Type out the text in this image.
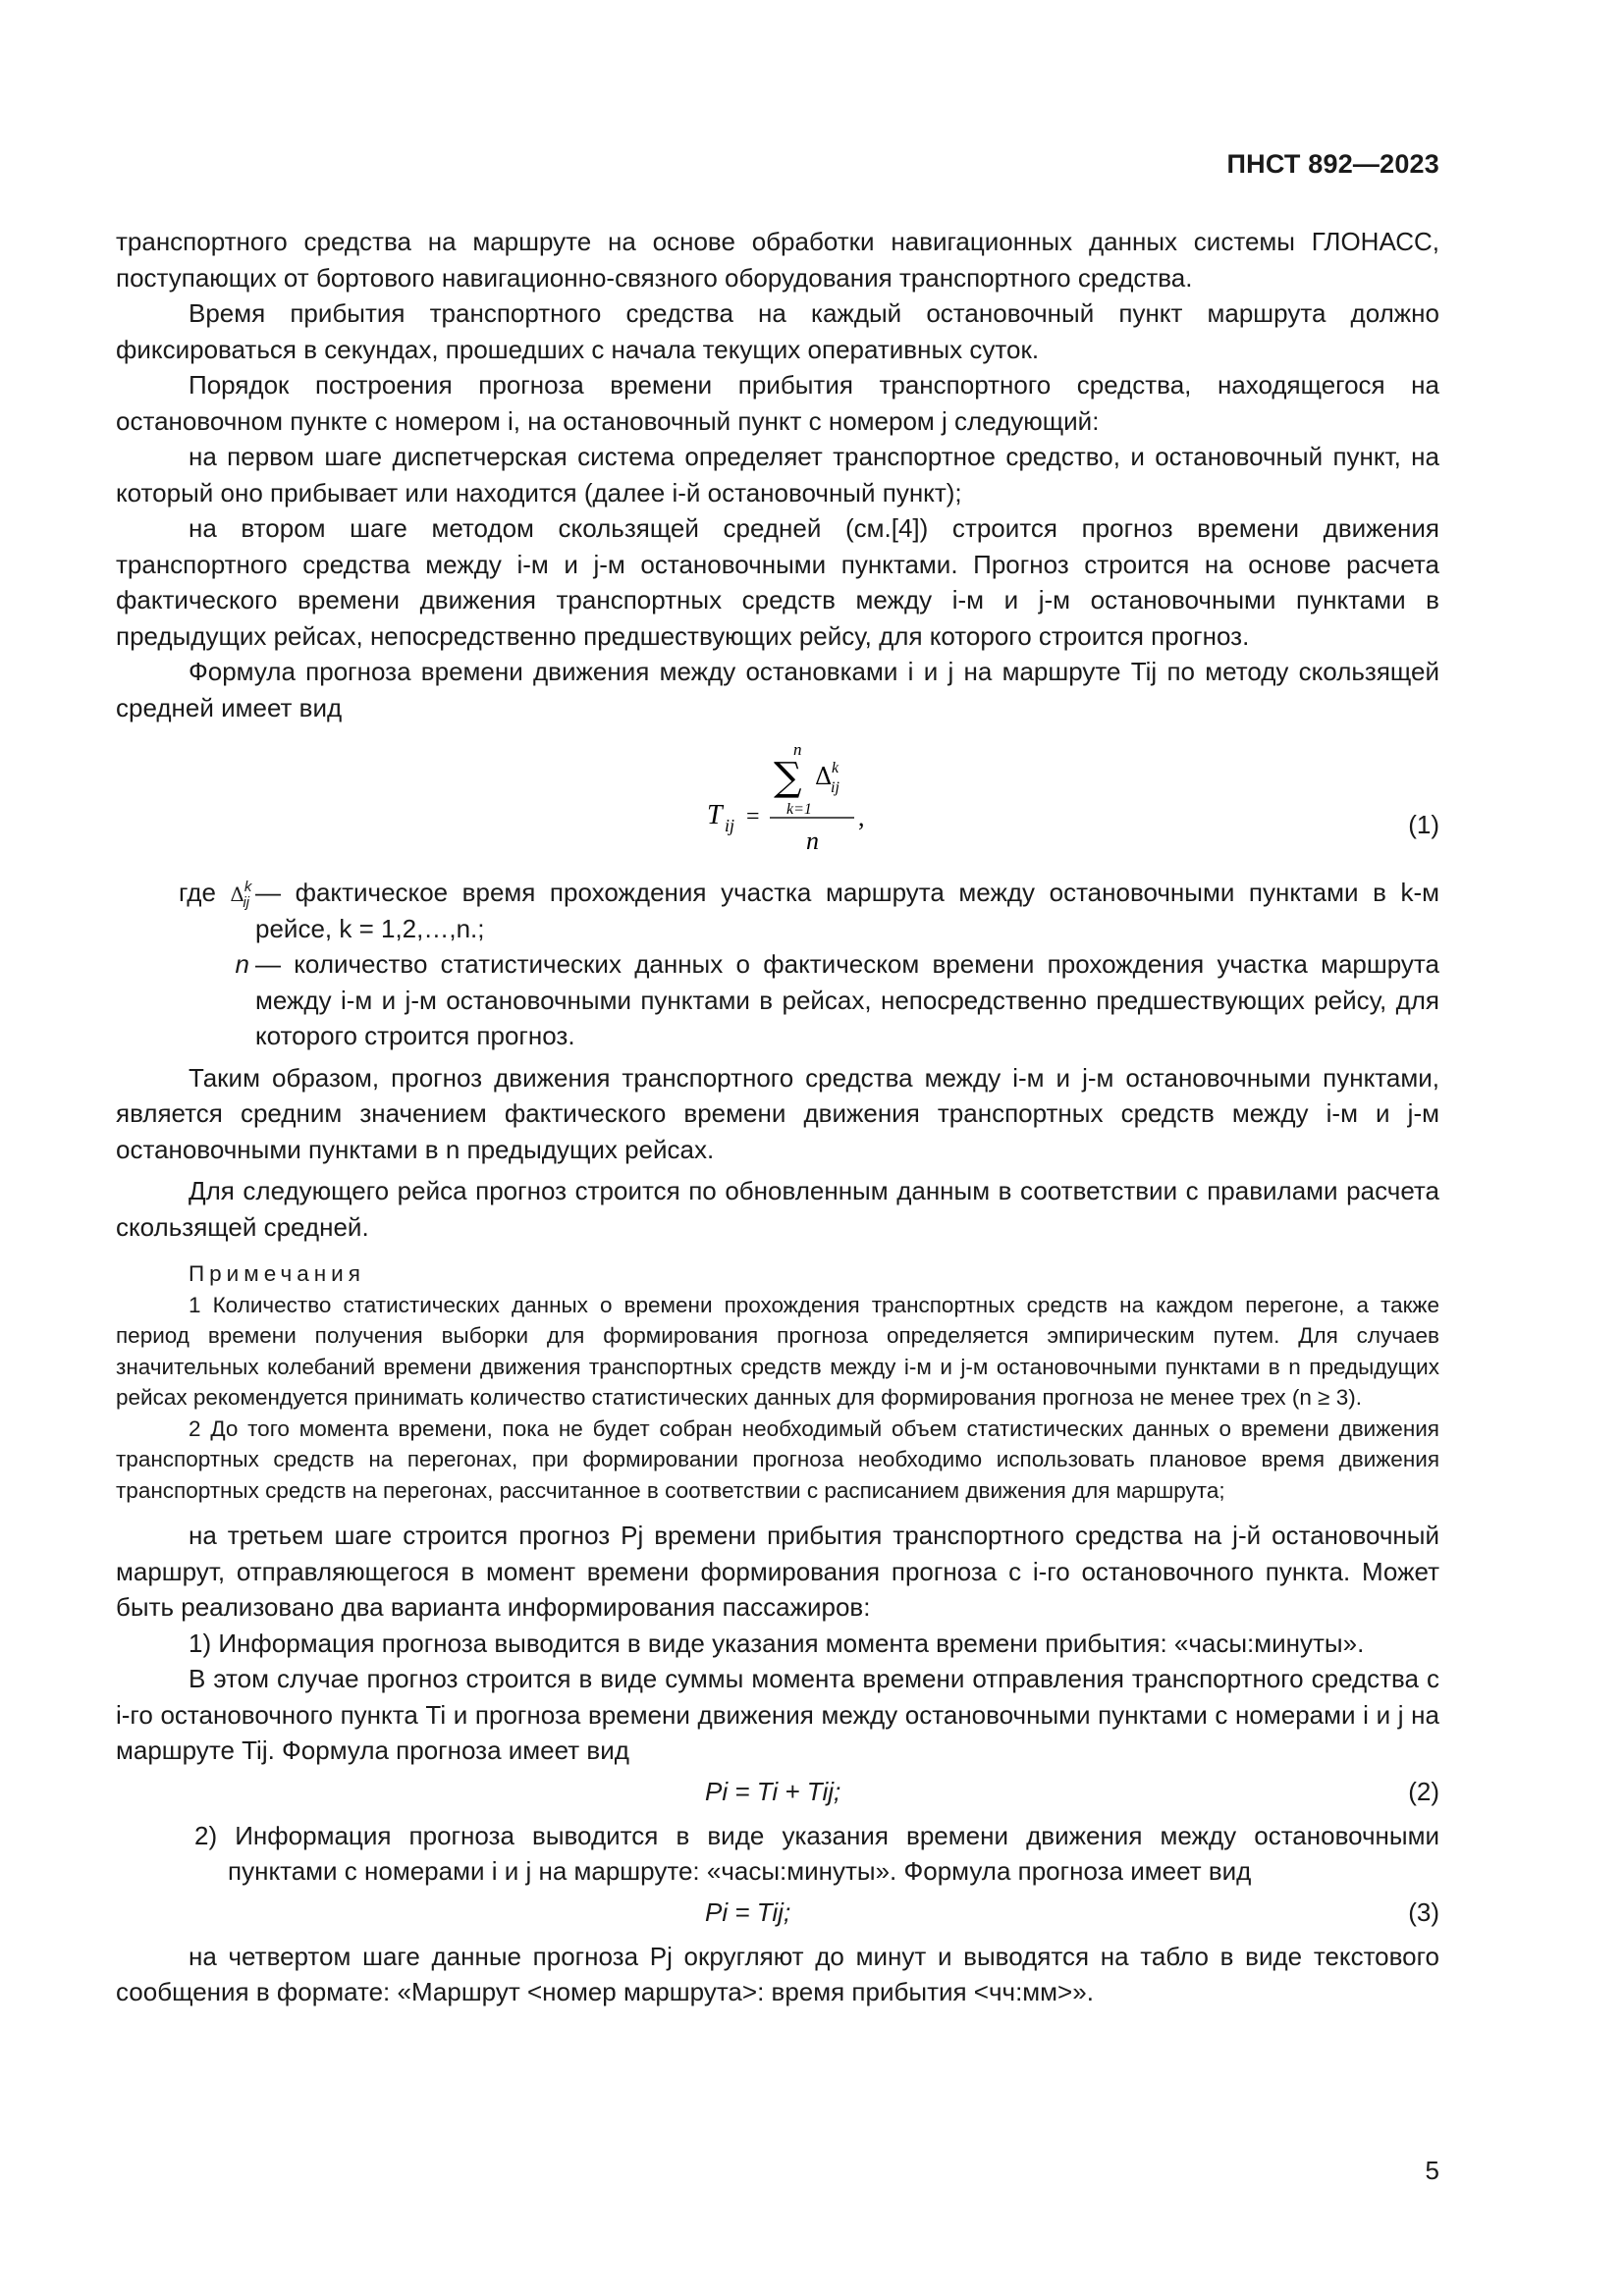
ПНСТ 892—2023

транспортного средства на маршруте на основе обработки навигационных данных системы ГЛОНАСС, поступающих от бортового навигационно-связного оборудования транспортного средства.

Время прибытия транспортного средства на каждый остановочный пункт маршрута должно фиксироваться в секундах, прошедших с начала текущих оперативных суток.

Порядок построения прогноза времени прибытия транспортного средства, находящегося на остановочном пункте с номером i, на остановочный пункт с номером j следующий:

на первом шаге диспетчерская система определяет транспортное средство, и остановочный пункт, на который оно прибывает или находится (далее i-й остановочный пункт);

на втором шаге методом скользящей средней (см.[4]) строится прогноз времени движения транспортного средства между i-м и j-м остановочными пунктами. Прогноз строится на основе расчета фактического времени движения транспортных средств между i-м и j-м остановочными пунктами в предыдущих рейсах, непосредственно предшествующих рейсу, для которого строится прогноз.

Формула прогноза времени движения между остановками i и j на маршруте Tij по методу скользящей средней имеет вид

T ij =
n
∑
k=1
Δ k
ij
n
,	(1)
где $\Delta^k_{ij}$ — фактическое время прохождения участка маршрута между остановочными пунктами в k-м рейсе, k = 1,2,…,n.;
n — количество статистических данных о фактическом времени прохождения участка маршрута между i-м и j-м остановочными пунктами в рейсах, непосредственно предшествующих рейсу, для которого строится прогноз.

Таким образом, прогноз движения транспортного средства между i-м и j-м остановочными пунктами, является средним значением фактического времени движения транспортных средств между i-м и j-м остановочными пунктами в n предыдущих рейсах.

Для следующего рейса прогноз строится по обновленным данным в соответствии с правилами расчета скользящей средней.

Примечания

1 Количество статистических данных о времени прохождения транспортных средств на каждом перегоне, а также период времени получения выборки для формирования прогноза определяется эмпирическим путем. Для случаев значительных колебаний времени движения транспортных средств между i-м и j-м остановочными пунктами в n предыдущих рейсах рекомендуется принимать количество статистических данных для формирования прогноза не менее трех (n ≥ 3).

2 До того момента времени, пока не будет собран необходимый объем статистических данных о времени движения транспортных средств на перегонах, при формировании прогноза необходимо использовать плановое время движения транспортных средств на перегонах, рассчитанное в соответствии с расписанием движения для маршрута;

на третьем шаге строится прогноз Pj времени прибытия транспортного средства на j-й остановочный маршрут, отправляющегося в момент времени формирования прогноза с i-го остановочного пункта. Может быть реализовано два варианта информирования пассажиров:

1) Информация прогноза выводится в виде указания момента времени прибытия: «часы:минуты».

В этом случае прогноз строится в виде суммы момента времени отправления транспортного средства с i-го остановочного пункта Ti и прогноза времени движения между остановочными пунктами с номерами i и j на маршруте Tij. Формула прогноза имеет вид

Pi = Ti + Tij;	(2)

2) Информация прогноза выводится в виде указания времени движения между остановочными пунктами с номерами i и j на маршруте: «часы:минуты». Формула прогноза имеет вид

Pi = Tij;	(3)

на четвертом шаге данные прогноза Pj округляют до минут и выводятся на табло в виде текстового сообщения в формате: «Маршрут <номер маршрута>: время прибытия <чч:мм>».

5
